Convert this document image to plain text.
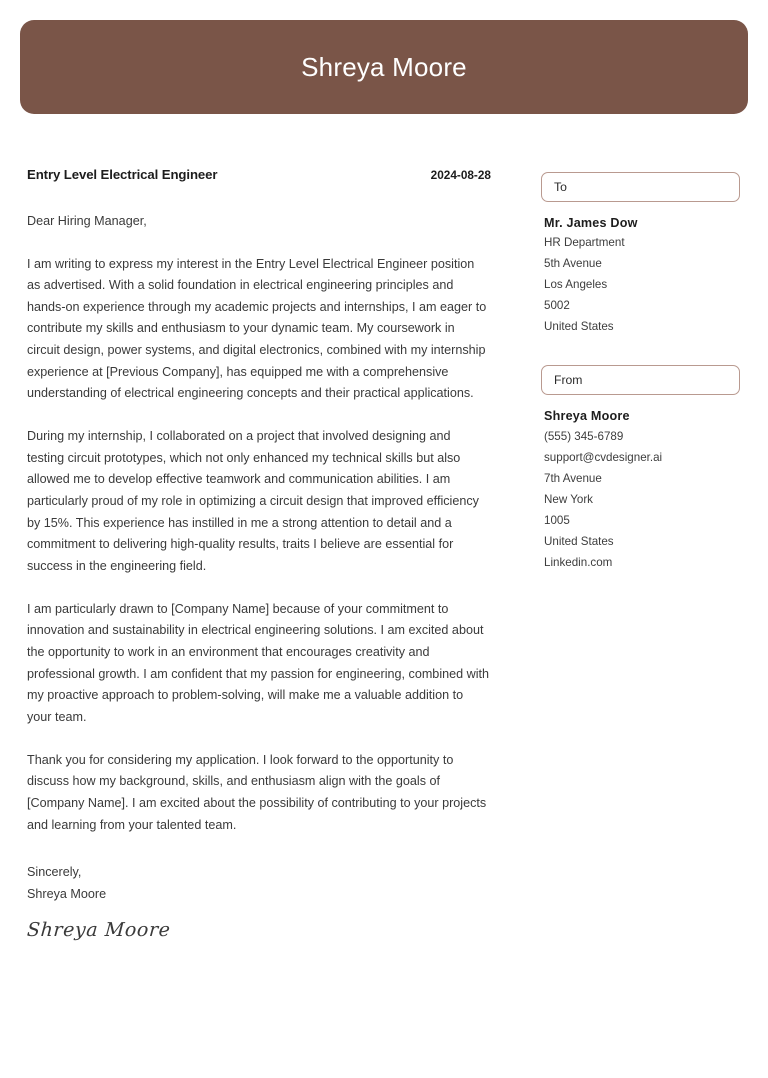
Shreya Moore
Entry Level Electrical Engineer	2024-08-28
Dear Hiring Manager,

I am writing to express my interest in the Entry Level Electrical Engineer position as advertised. With a solid foundation in electrical engineering principles and hands-on experience through my academic projects and internships, I am eager to contribute my skills and enthusiasm to your dynamic team. My coursework in circuit design, power systems, and digital electronics, combined with my internship experience at [Previous Company], has equipped me with a comprehensive understanding of electrical engineering concepts and their practical applications.

During my internship, I collaborated on a project that involved designing and testing circuit prototypes, which not only enhanced my technical skills but also allowed me to develop effective teamwork and communication abilities. I am particularly proud of my role in optimizing a circuit design that improved efficiency by 15%. This experience has instilled in me a strong attention to detail and a commitment to delivering high-quality results, traits I believe are essential for success in the engineering field.

I am particularly drawn to [Company Name] because of your commitment to innovation and sustainability in electrical engineering solutions. I am excited about the opportunity to work in an environment that encourages creativity and professional growth. I am confident that my passion for engineering, combined with my proactive approach to problem-solving, will make me a valuable addition to your team.

Thank you for considering my application. I look forward to the opportunity to discuss how my background, skills, and enthusiasm align with the goals of [Company Name]. I am excited about the possibility of contributing to your projects and learning from your talented team.

Sincerely,
Shreya Moore
Shreya Moore
To
Mr. James Dow
HR Department
5th Avenue
Los Angeles
5002
United States
From
Shreya Moore
(555) 345-6789
support@cvdesigner.ai
7th Avenue
New York
1005
United States
Linkedin.com
